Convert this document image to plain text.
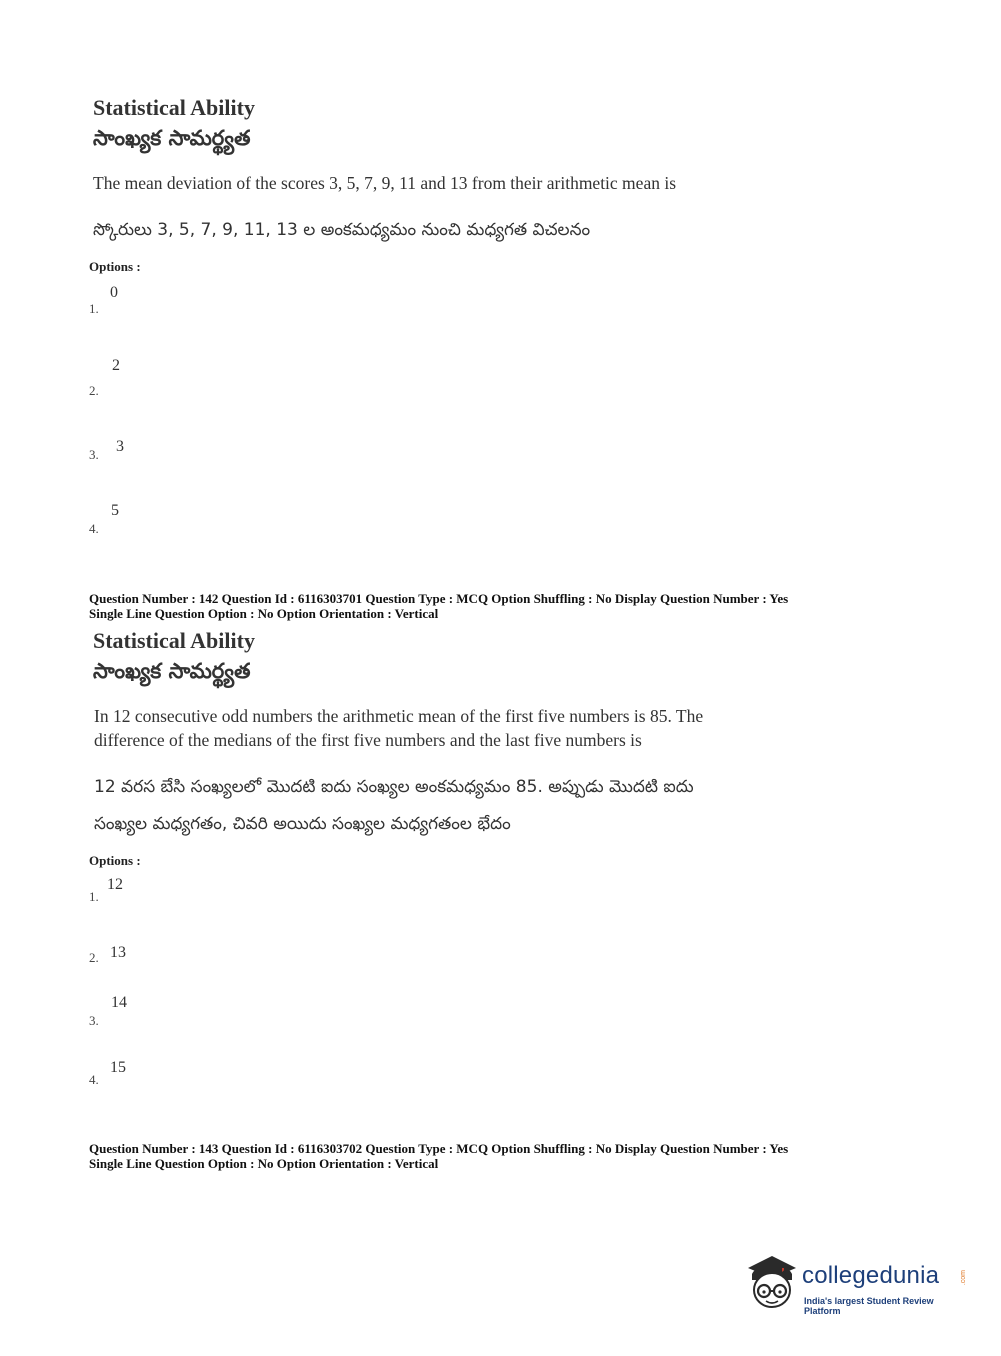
Statistical Ability
సాంఖ్యక సామర్థ్యత
The mean deviation of the scores 3, 5, 7, 9, 11 and 13 from their arithmetic mean is
స్కోరులు 3, 5, 7, 9, 11, 13 ల అంకమధ్యమం నుంచి మధ్యగత విచలనం
Options :
0
1.
2
2.
3
3.
5
4.
Question Number : 142 Question Id : 6116303701 Question Type : MCQ Option Shuffling : No Display Question Number : Yes
Single Line Question Option : No Option Orientation : Vertical
Statistical Ability
సాంఖ్యక సామర్థ్యత
In 12 consecutive odd numbers the arithmetic mean of the first five numbers is 85. The
difference of the medians of the first five numbers and the last five numbers is
12 వరస బేసి సంఖ్యలలో మొదటి ఐదు సంఖ్యల అంకమధ్యమం 85. అప్పుడు మొదటి ఐదు
సంఖ్యల మధ్యగతం, చివరి అయిదు సంఖ్యల మధ్యగతంల భేదం
Options :
12
1.
2. 13
14
3.
15
4.
Question Number : 143 Question Id : 6116303702 Question Type : MCQ Option Shuffling : No Display Question Number : Yes
Single Line Question Option : No Option Orientation : Vertical
collegedunia	.com
India's largest Student Review Platform
